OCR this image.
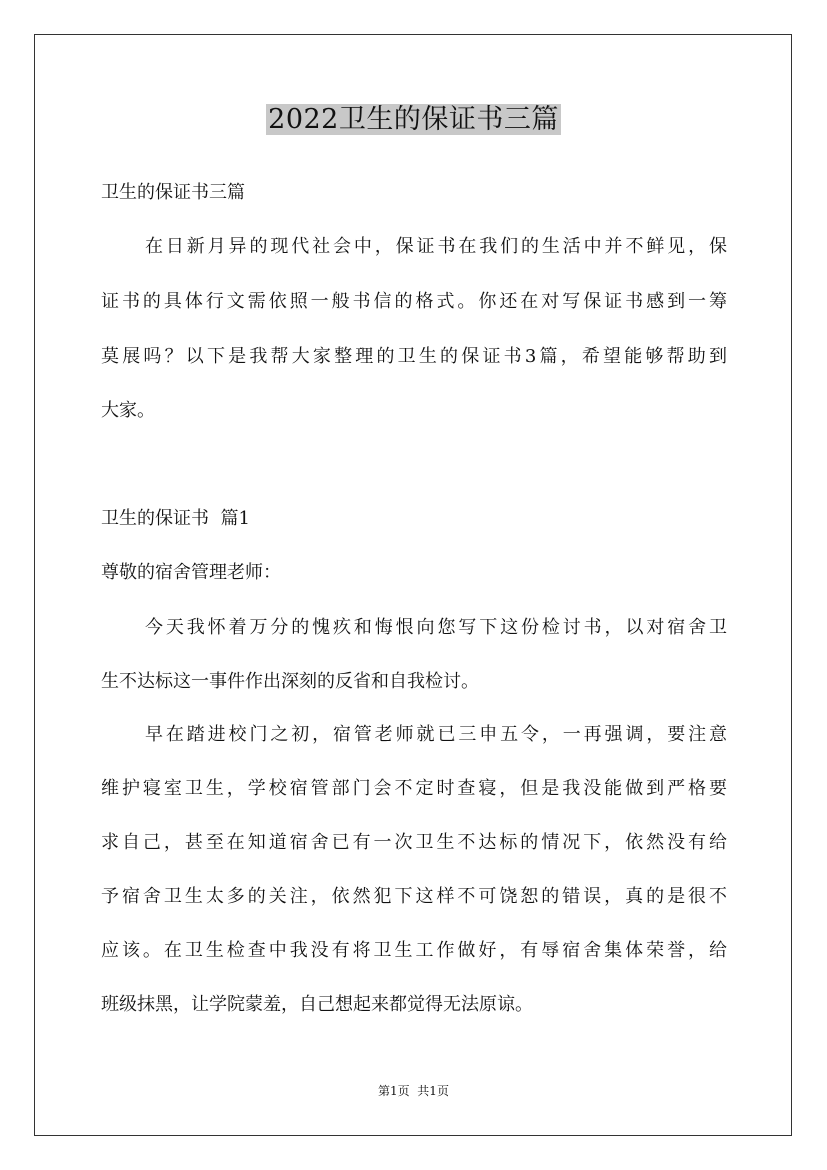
2022卫生的保证书三篇
卫生的保证书三篇
在日新月异的现代社会中，保证书在我们的生活中并不鲜见，保
证书的具体行文需依照一般书信的格式。你还在对写保证书感到一筹
莫展吗？以下是我帮大家整理的卫生的保证书3篇，希望能够帮助到
大家。
卫生的保证书  篇1
尊敬的宿舍管理老师：
今天我怀着万分的愧疚和悔恨向您写下这份检讨书，以对宿舍卫
生不达标这一事件作出深刻的反省和自我检讨。
早在踏进校门之初，宿管老师就已三申五令，一再强调，要注意
维护寝室卫生，学校宿管部门会不定时查寝，但是我没能做到严格要
求自己，甚至在知道宿舍已有一次卫生不达标的情况下，依然没有给
予宿舍卫生太多的关注，依然犯下这样不可饶恕的错误，真的是很不
应该。在卫生检查中我没有将卫生工作做好，有辱宿舍集体荣誉，给
班级抹黑，让学院蒙羞，自己想起来都觉得无法原谅。
第1页  共1页
